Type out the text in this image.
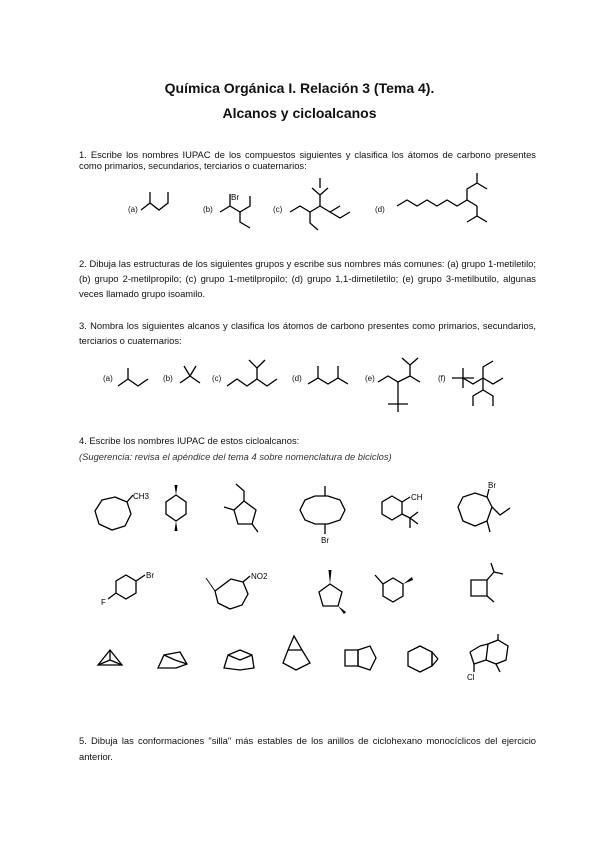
Química Orgánica I. Relación 3 (Tema 4).
Alcanos y cicloalcanos
1. Escribe los nombres IUPAC de los compuestos siguientes y clasifica los átomos de carbono presentes como primarios, secundarios, terciarios o cuaternarios:
(a)	(b)	(c)	(d)
2. Dibuja las estructuras de los siguientes grupos y escribe sus nombres más comunes: (a) grupo 1-metiletilo; (b) grupo 2-metilpropilo; (c) grupo 1-metilpropilo; (d) grupo 1,1-dimetiletilo; (e) grupo 3-metilbutilo, algunas veces llamado grupo isoamilo.
3. Nombra los siguientes alcanos y clasifica los átomos de carbono presentes como primarios, secundarios, terciarios o cuaternarios:
(a)	(b)	(c)	(d)	(e)	(f)
4. Escribe los nombres IUPAC de estos cicloalcanos:
(Sugerencia: revisa el apéndice del tema 4 sobre nomenclatura de biciclos)
5. Dibuja las conformaciones "silla" más estables de los anillos de ciclohexano monocíclicos del ejercicio anterior.
Br
CH3
Br
CH
Br
Br
F
NO2
Cl
